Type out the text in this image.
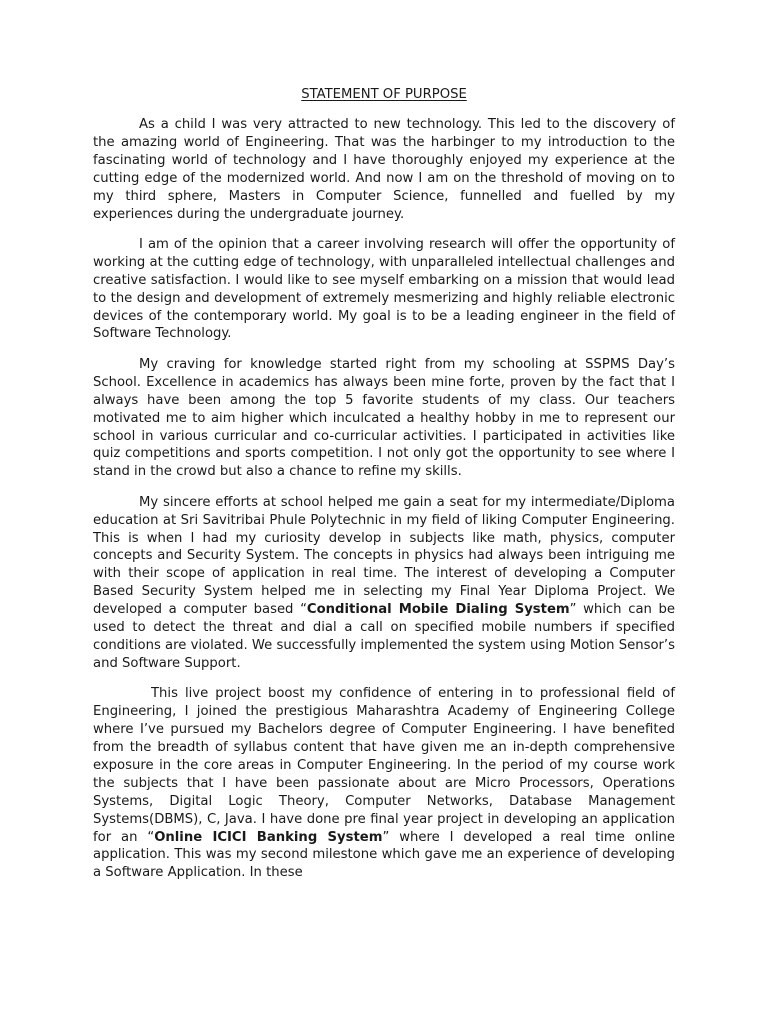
STATEMENT OF PURPOSE

As a child I was very attracted to new technology. This led to the discovery of the amazing world of Engineering. That was the harbinger to my introduction to the fascinating world of technology and I have thoroughly enjoyed my experience at the cutting edge of the modernized world. And now I am on the threshold of moving on to my third sphere, Masters in Computer Science, funnelled and fuelled by my experiences during the undergraduate journey.

I am of the opinion that a career involving research will offer the opportunity of working at the cutting edge of technology, with unparalleled intellectual challenges and creative satisfaction. I would like to see myself embarking on a mission that would lead to the design and development of extremely mesmerizing and highly reliable electronic devices of the contemporary world. My goal is to be a leading engineer in the field of Software Technology.

My craving for knowledge started right from my schooling at SSPMS Day’s School. Excellence in academics has always been mine forte, proven by the fact that I always have been among the top 5 favorite students of my class. Our teachers motivated me to aim higher which inculcated a healthy hobby in me to represent our school in various curricular and co-curricular activities. I participated in activities like quiz competitions and sports competition. I not only got the opportunity to see where I stand in the crowd but also a chance to refine my skills.

My sincere efforts at school helped me gain a seat for my intermediate/Diploma education at Sri Savitribai Phule Polytechnic in my field of liking Computer Engineering. This is when I had my curiosity develop in subjects like math, physics, computer concepts and Security System. The concepts in physics had always been intriguing me with their scope of application in real time. The interest of developing a Computer Based Security System helped me in selecting my Final Year Diploma Project. We developed a computer based “Conditional Mobile Dialing System” which can be used to detect the threat and dial a call on specified mobile numbers if specified conditions are violated. We successfully implemented the system using Motion Sensor’s and Software Support.

This live project boost my confidence of entering in to professional field of Engineering, I joined the prestigious Maharashtra Academy of Engineering College where I’ve pursued my Bachelors degree of Computer Engineering. I have benefited from the breadth of syllabus content that have given me an in-depth comprehensive exposure in the core areas in Computer Engineering. In the period of my course work the subjects that I have been passionate about are Micro Processors, Operations Systems, Digital Logic Theory, Computer Networks, Database Management Systems(DBMS), C, Java. I have done pre final year project in developing an application for an “Online ICICI Banking System” where I developed a real time online application. This was my second milestone which gave me an experience of developing a Software Application. In these
